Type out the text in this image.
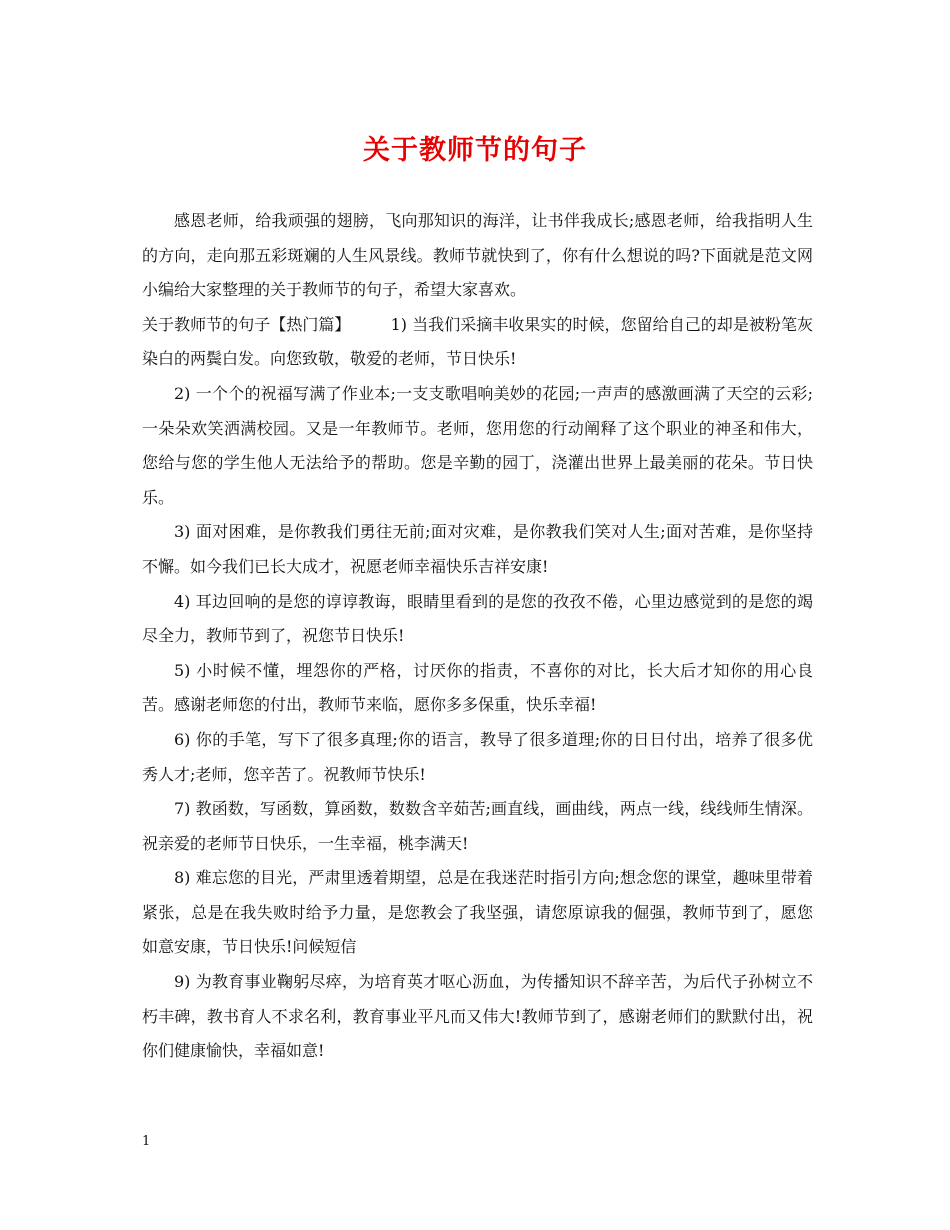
关于教师节的句子

感恩老师，给我顽强的翅膀，飞向那知识的海洋，让书伴我成长;感恩老师，给我指明人生的方向，走向那五彩斑斓的人生风景线。教师节就快到了，你有什么想说的吗?下面就是范文网小编给大家整理的关于教师节的句子，希望大家喜欢。

关于教师节的句子【热门篇】　　　1) 当我们采摘丰收果实的时候，您留给自己的却是被粉笔灰染白的两鬓白发。向您致敬，敬爱的老师，节日快乐!

2) 一个个的祝福写满了作业本;一支支歌唱响美妙的花园;一声声的感激画满了天空的云彩;一朵朵欢笑洒满校园。又是一年教师节。老师，您用您的行动阐释了这个职业的神圣和伟大，您给与您的学生他人无法给予的帮助。您是辛勤的园丁，浇灌出世界上最美丽的花朵。节日快乐。

3) 面对困难，是你教我们勇往无前;面对灾难，是你教我们笑对人生;面对苦难，是你坚持不懈。如今我们已长大成才，祝愿老师幸福快乐吉祥安康!

4) 耳边回响的是您的谆谆教诲，眼睛里看到的是您的孜孜不倦，心里边感觉到的是您的竭尽全力，教师节到了，祝您节日快乐!

5) 小时候不懂，埋怨你的严格，讨厌你的指责，不喜你的对比，长大后才知你的用心良苦。感谢老师您的付出，教师节来临，愿你多多保重，快乐幸福!

6) 你的手笔，写下了很多真理;你的语言，教导了很多道理;你的日日付出，培养了很多优秀人才;老师，您辛苦了。祝教师节快乐!

7) 教函数，写函数，算函数，数数含辛茹苦;画直线，画曲线，两点一线，线线师生情深。祝亲爱的老师节日快乐，一生幸福，桃李满天!

8) 难忘您的目光，严肃里透着期望，总是在我迷茫时指引方向;想念您的课堂，趣味里带着紧张，总是在我失败时给予力量，是您教会了我坚强，请您原谅我的倔强，教师节到了，愿您如意安康，节日快乐!问候短信

9) 为教育事业鞠躬尽瘁，为培育英才呕心沥血，为传播知识不辞辛苦，为后代子孙树立不朽丰碑，教书育人不求名利，教育事业平凡而又伟大!教师节到了，感谢老师们的默默付出，祝你们健康愉快，幸福如意!

1
